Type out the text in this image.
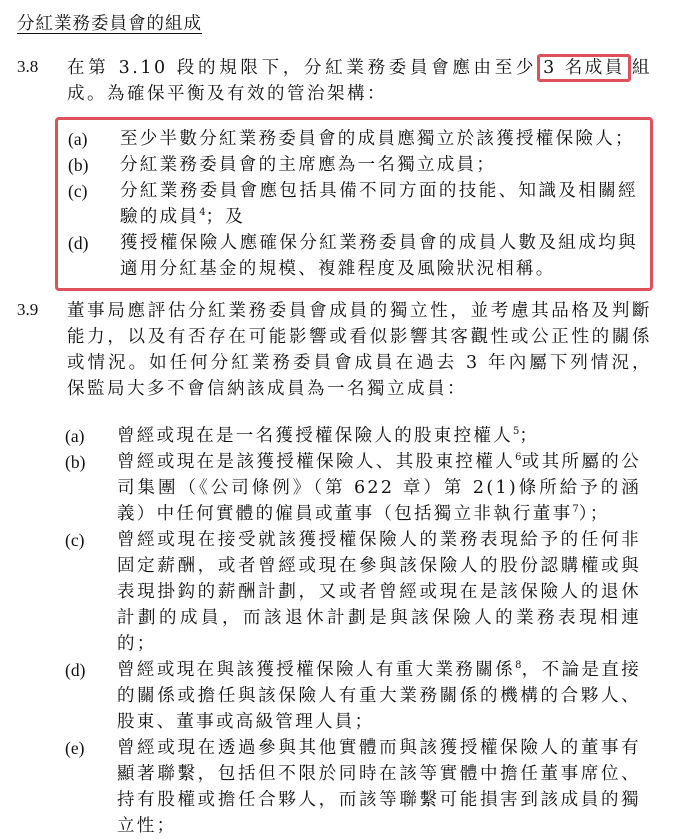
分紅業務委員會的組成
3.8 在第 3.10 段的規限下，分紅業務委員會應由至少 3 名成員 組成。為確保平衡及有效的管治架構：
(a) 至少半數分紅業務委員會的成員應獨立於該獲授權保險人；
(b) 分紅業務委員會的主席應為一名獨立成員；
(c) 分紅業務委員會應包括具備不同方面的技能、知識及相關經驗的成員$^4$；及
(d) 獲授權保險人應確保分紅業務委員會的成員人數及組成均與適用分紅基金的規模、複雜程度及風險狀況相稱。
3.9 董事局應評估分紅業務委員會成員的獨立性，並考慮其品格及判斷能力，以及有否存在可能影響或看似影響其客觀性或公正性的關係或情況。如任何分紅業務委員會成員在過去 3 年內屬下列情況，保監局大多不會信納該成員為一名獨立成員：
(a) 曾經或現在是一名獲授權保險人的股東控權人$^5$；
(b) 曾經或現在是該獲授權保險人、其股東控權人$^6$或其所屬的公司集團（《公司條例》（第 622 章）第 2(1)條所給予的涵義）中任何實體的僱員或董事（包括獨立非執行董事$^7$）；
(c) 曾經或現在接受就該獲授權保險人的業務表現給予的任何非固定薪酬，或者曾經或現在參與該保險人的股份認購權或與表現掛鈎的薪酬計劃，又或者曾經或現在是該保險人的退休計劃的成員，而該退休計劃是與該保險人的業務表現相連的；
(d) 曾經或現在與該獲授權保險人有重大業務關係$^8$，不論是直接的關係或擔任與該保險人有重大業務關係的機構的合夥人、股東、董事或高級管理人員；
(e) 曾經或現在透過參與其他實體而與該獲授權保險人的董事有顯著聯繫，包括但不限於同時在該等實體中擔任董事席位、持有股權或擔任合夥人，而該等聯繫可能損害到該成員的獨立性；
